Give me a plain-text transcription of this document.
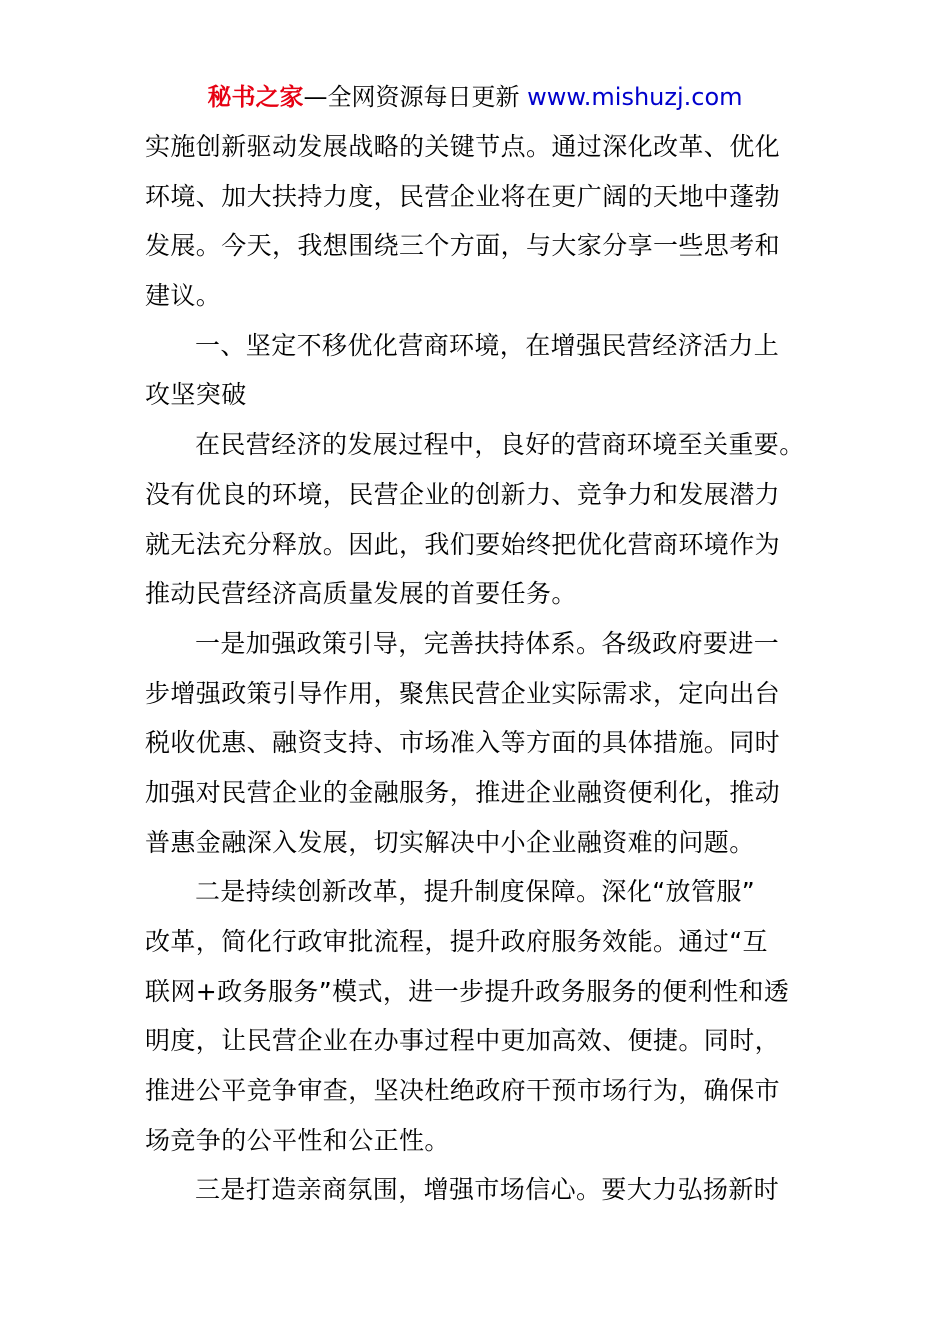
秘书之家—全网资源每日更新 www.mishuzj.com
实施创新驱动发展战略的关键节点。通过深化改革、优化
环境、加大扶持力度，民营企业将在更广阔的天地中蓬勃
发展。今天，我想围绕三个方面，与大家分享一些思考和
建议。
一、坚定不移优化营商环境，在增强民营经济活力上
攻坚突破
在民营经济的发展过程中，良好的营商环境至关重要。
没有优良的环境，民营企业的创新力、竞争力和发展潜力
就无法充分释放。因此，我们要始终把优化营商环境作为
推动民营经济高质量发展的首要任务。
一是加强政策引导，完善扶持体系。各级政府要进一
步增强政策引导作用，聚焦民营企业实际需求，定向出台
税收优惠、融资支持、市场准入等方面的具体措施。同时
加强对民营企业的金融服务，推进企业融资便利化，推动
普惠金融深入发展，切实解决中小企业融资难的问题。
二是持续创新改革，提升制度保障。深化“放管服”
改革，简化行政审批流程，提升政府服务效能。通过“互
联网+政务服务”模式，进一步提升政务服务的便利性和透
明度，让民营企业在办事过程中更加高效、便捷。同时，
推进公平竞争审查，坚决杜绝政府干预市场行为，确保市
场竞争的公平性和公正性。
三是打造亲商氛围，增强市场信心。要大力弘扬新时
